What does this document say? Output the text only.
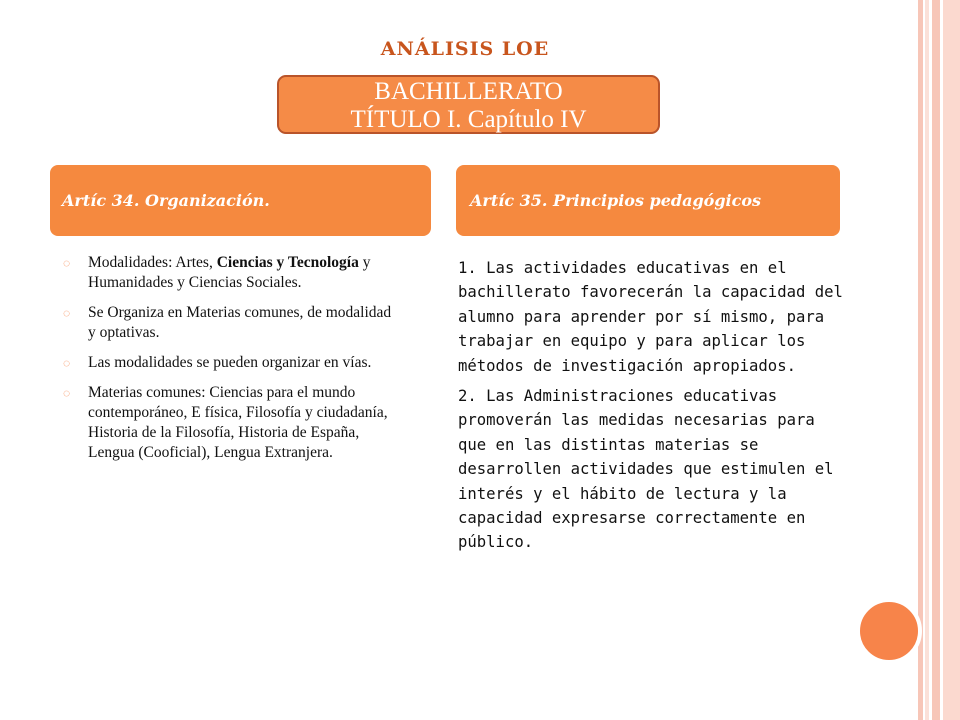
ANÁLISIS LOE
BACHILLERATO
TÍTULO I. Capítulo IV
Artíc 34. Organización.	Artíc 35. Principios pedagógicos
◌ Modalidades: Artes, Ciencias y Tecnología y Humanidades y Ciencias Sociales.
◌ Se Organiza en Materias comunes, de modalidad y optativas.
◌ Las modalidades se pueden organizar en vías.
◌ Materias comunes: Ciencias para el mundo contemporáneo, E física, Filosofía y ciudadanía, Historia de la Filosofía, Historia de España, Lengua (Cooficial), Lengua Extranjera.

1. Las actividades educativas en el bachillerato favorecerán la capacidad del alumno para aprender por sí mismo, para trabajar en equipo y para aplicar los métodos de investigación apropiados.

2. Las Administraciones educativas promoverán las medidas necesarias para que en las distintas materias se desarrollen actividades que estimulen el interés y el hábito de lectura y la capacidad expresarse correctamente en público.
